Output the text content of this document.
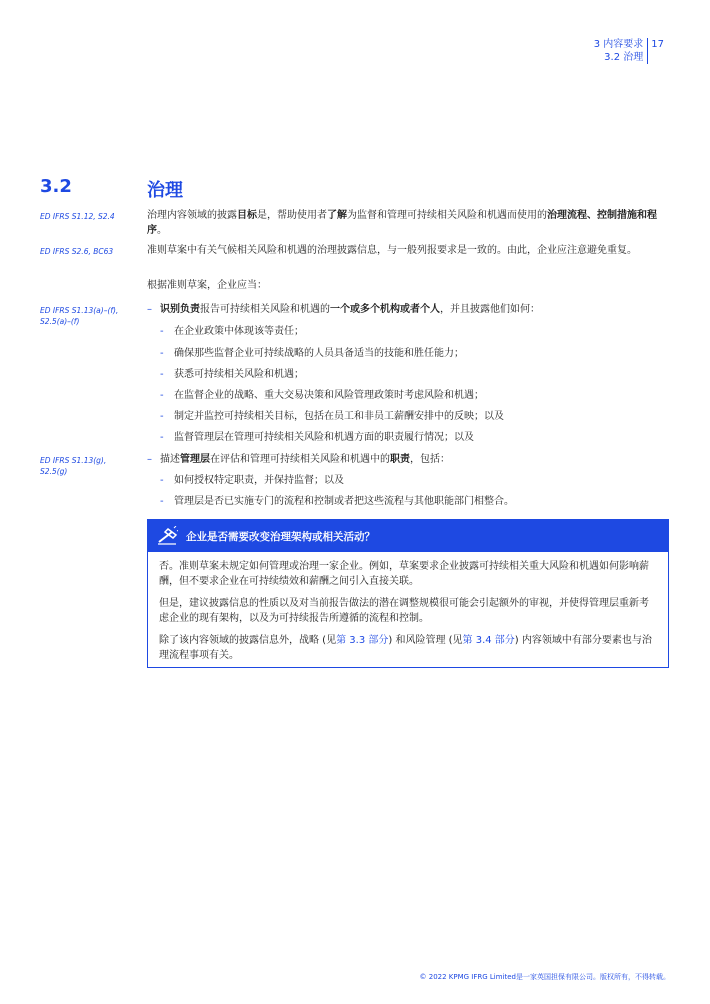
3 内容要求
3.2 治理
17
3.2	治理
ED IFRS S1.12, S2.4	治理内容领域的披露目标是，帮助使用者了解为监督和管理可持续相关风险和机遇而使用的治理流程、控制措施和程序。
ED IFRS S2.6, BC63	准则草案中有关气候相关风险和机遇的治理披露信息，与一般列报要求是一致的。由此，企业应注意避免重复。
根据准则草案，企业应当：
ED IFRS S1.13(a)–(f),
S2.5(a)–(f)
– 识别负责报告可持续相关风险和机遇的一个或多个机构或者个人，并且披露他们如何：
- 在企业政策中体现该等责任；
- 确保那些监督企业可持续战略的人员具备适当的技能和胜任能力；
- 获悉可持续相关风险和机遇；
- 在监督企业的战略、重大交易决策和风险管理政策时考虑风险和机遇；
- 制定并监控可持续相关目标，包括在员工和非员工薪酬安排中的反映；以及
- 监督管理层在管理可持续相关风险和机遇方面的职责履行情况；以及
ED IFRS S1.13(g),
S2.5(g)
– 描述管理层在评估和管理可持续相关风险和机遇中的职责，包括：
- 如何授权特定职责，并保持监督；以及
- 管理层是否已实施专门的流程和控制或者把这些流程与其他职能部门相整合。
企业是否需要改变治理架构或相关活动？

否。准则草案未规定如何管理或治理一家企业。例如，草案要求企业披露可持续相关重大风险和机遇如何影响薪酬，但不要求企业在可持续绩效和薪酬之间引入直接关联。

但是，建议披露信息的性质以及对当前报告做法的潜在调整规模很可能会引起额外的审视，并使得管理层重新考虑企业的现有架构，以及为可持续报告所遵循的流程和控制。

除了该内容领域的披露信息外，战略 (见第 3.3 部分) 和风险管理 (见第 3.4 部分) 内容领域中有部分要素也与治理流程事项有关。

© 2022 KPMG IFRG Limited是一家英国担保有限公司。版权所有，不得转载。
